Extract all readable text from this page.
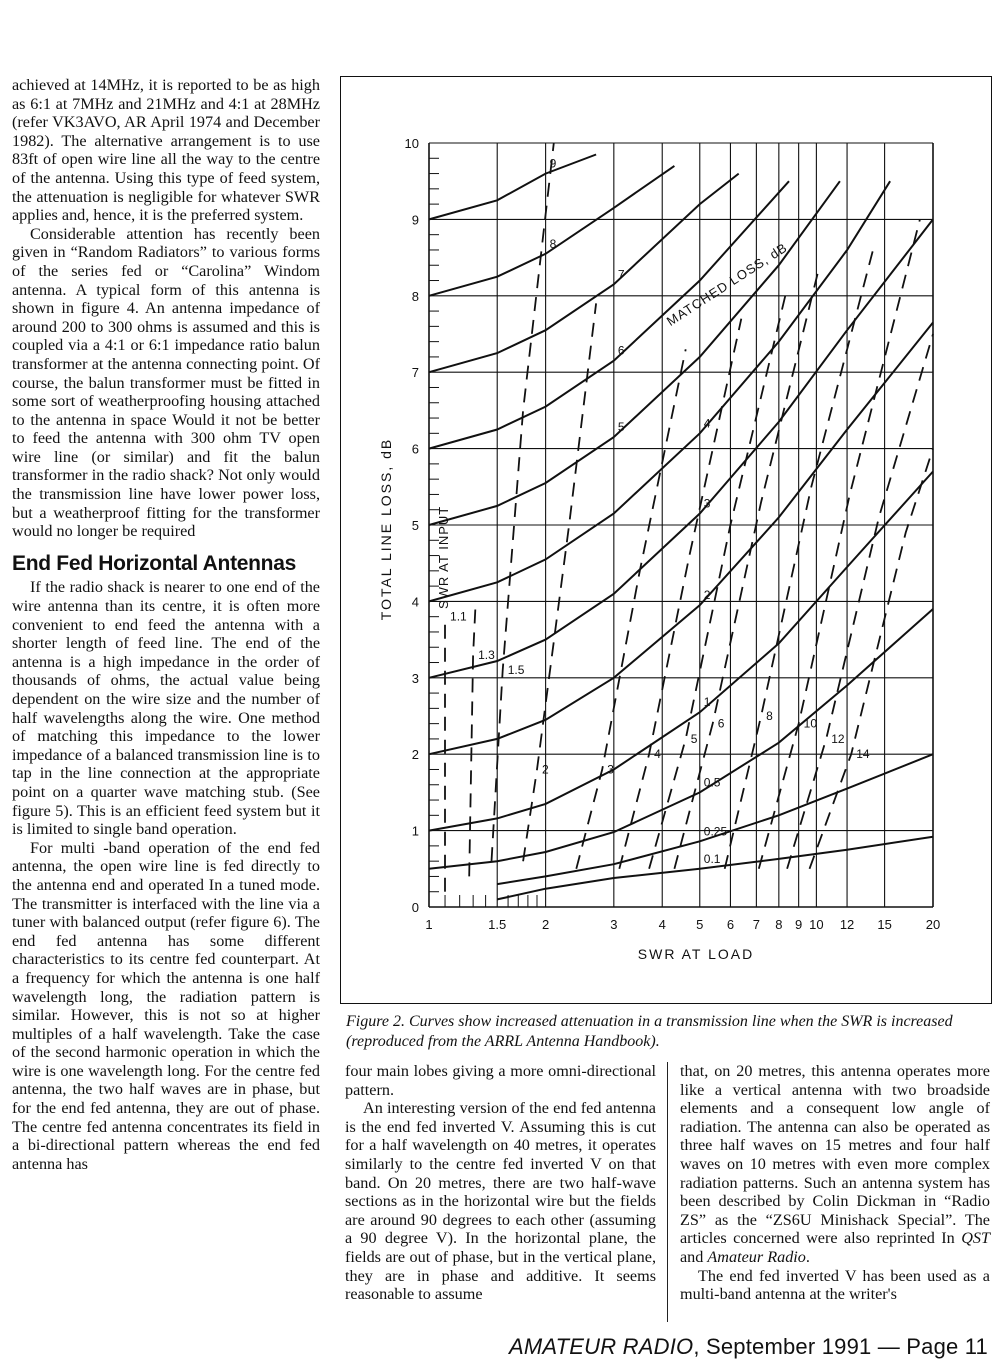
achieved at 14MHz, it is reported to be as high as 6:1 at 7MHz and 21MHz and 4:1 at 28MHz (refer VK3AVO, AR April 1974 and December 1982). The alternative arrangement is to use 83ft of open wire line all the way to the centre of the antenna. Using this type of feed system, the attenuation is negligible for whatever SWR applies and, hence, it is the preferred system.

Considerable attention has recently been given in “Random Radiators” to various forms of the series fed or “Carolina” Windom antenna. A typical form of this antenna is shown in figure 4. An antenna impedance of around 200 to 300 ohms is assumed and this is coupled via a 4:1 or 6:1 impedance ratio balun transformer at the antenna connecting point. Of course, the balun transformer must be fitted in some sort of weatherproofing housing attached to the antenna in space Would it not be better to feed the antenna with 300 ohm TV open wire line (or similar) and fit the balun transformer in the radio shack? Not only would the transmission line have lower power loss, but a weatherproof fitting for the transformer would no longer be required

End Fed Horizontal Antennas

If the radio shack is nearer to one end of the wire antenna than its centre, it is often more convenient to end feed the antenna with a shorter length of feed line. The end of the antenna is a high impedance in the order of thousands of ohms, the actual value being dependent on the wire size and the number of half wavelengths along the wire. One method of matching this impedance to the lower impedance of a balanced transmission line is to tap in the line connection at the appropriate point on a quarter wave matching stub. (See figure 5). This is an efficient feed system but it is limited to single band operation.

For multi -band operation of the end fed antenna, the open wire line is fed directly to the antenna end and operated In a tuned mode. The transmitter is interfaced with the line via a tuner with balanced output (refer figure 6). The end fed antenna has some different characteristics to its centre fed counterpart. At a frequency for which the antenna is one half wavelength long, the radiation pattern is similar. However, this is not so at higher multiples of a half wavelength. Take the case of the second harmonic operation in which the wire is one wavelength long. For the centre fed antenna, the two half waves are in phase, but for the end fed antenna, they are out of phase. The centre fed antenna concentrates its field in a bi-directional pattern whereas the end fed antenna has

0
1
2
3
4
5
6
7
8
9
10
1	1.5	2	3	4 5 6 7 8 9 10 12 15	20
0.1
0.25
0.5
1
2
3
4
5
6
7
8
9
1.1
1.3
1.5
2	3
4
5
6
8
10
12
14
MATCHED LOSS, dB
SWR AT INPUT
TOTAL LINE LOSS, dB
SWR AT LOAD
Figure 2. Curves show increased attenuation in a transmission line when the SWR is increased (reproduced from the ARRL Antenna Handbook).

four main lobes giving a more omni-directional pattern.

An interesting version of the end fed antenna is the end fed inverted V. Assuming this is cut for a half wavelength on 40 metres, it operates similarly to the centre fed inverted V on that band. On 20 metres, there are two half-wave sections as in the horizontal wire but the fields are around 90 degrees to each other (assuming a 90 degree V). In the horizontal plane, the fields are out of phase, but in the vertical plane, they are in phase and additive. It seems reasonable to assume

that, on 20 metres, this antenna operates more like a vertical antenna with two broadside elements and a consequent low angle of radiation. The antenna can also be operated as three half waves on 15 metres and four half waves on 10 metres with even more complex radiation patterns. Such an antenna system has been described by Colin Dickman in “Radio ZS” as the “ZS6U Minishack Special”. The articles concerned were also reprinted In QST and Amateur Radio.

The end fed inverted V has been used as a multi-band antenna at the writer's

AMATEUR RADIO, September 1991 — Page 11
